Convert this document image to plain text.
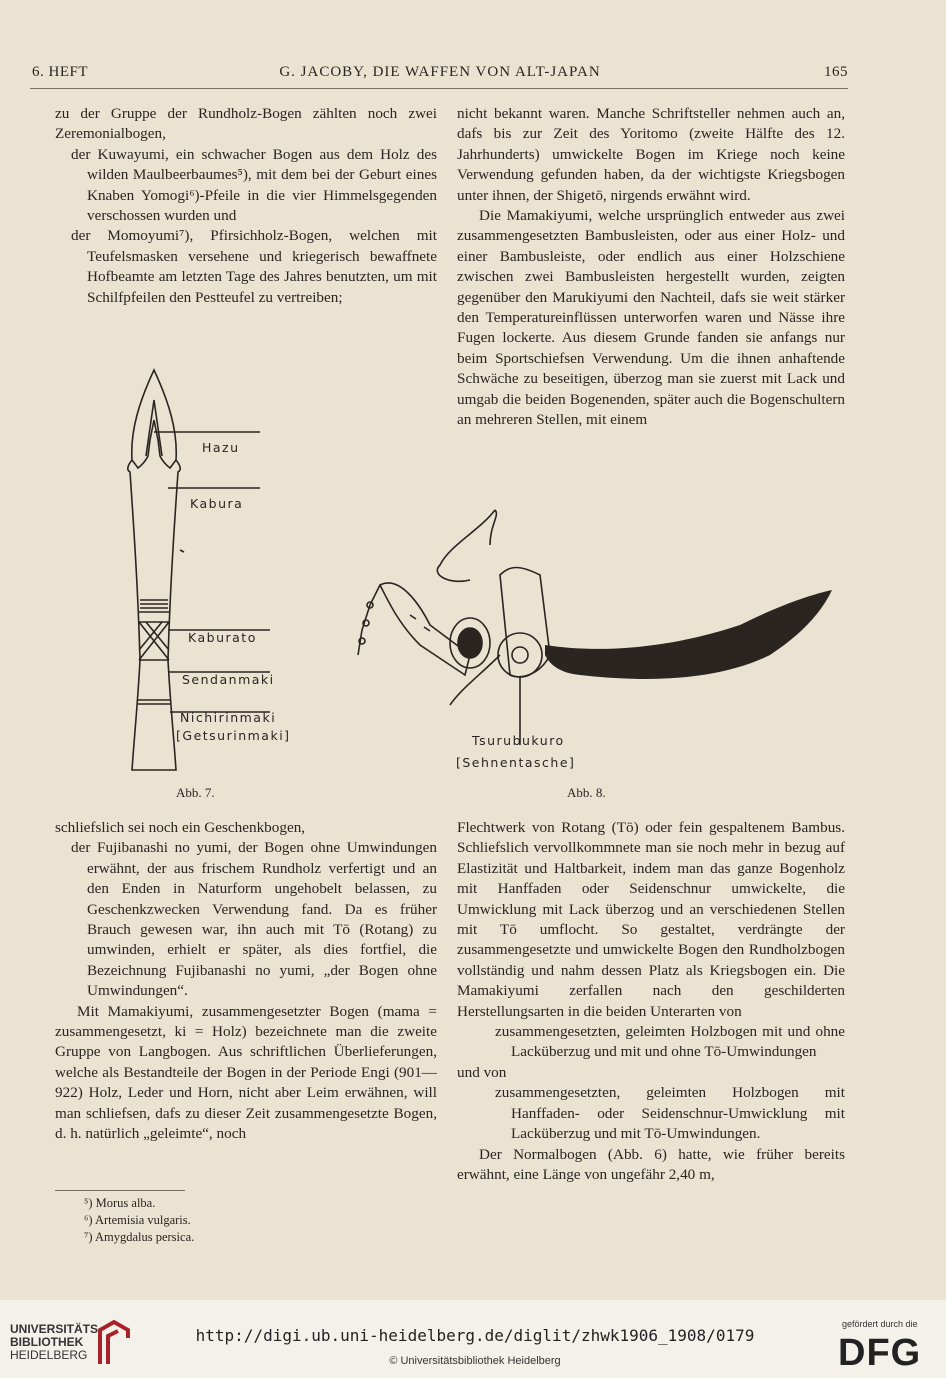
6. HEFT	G. JACOBY, DIE WAFFEN VON ALT-JAPAN	165

zu der Gruppe der Rundholz-Bogen zählten noch zwei Zeremonialbogen,

der Kuwayumi, ein schwacher Bogen aus dem Holz des wilden Maulbeerbaumes⁵), mit dem bei der Geburt eines Knaben Yomogi⁶)-Pfeile in die vier Himmelsgegenden verschossen wurden und

der Momoyumi⁷), Pfirsichholz-Bogen, welchen mit Teufelsmasken versehene und kriegerisch bewaffnete Hofbeamte am letzten Tage des Jahres benutzten, um mit Schilfpfeilen den Pestteufel zu vertreiben;

nicht bekannt waren. Manche Schriftsteller nehmen auch an, dafs bis zur Zeit des Yoritomo (zweite Hälfte des 12. Jahrhunderts) umwickelte Bogen im Kriege noch keine Verwendung gefunden haben, da der wichtigste Kriegsbogen unter ihnen, der Shigetō, nirgends erwähnt wird.

Die Mamakiyumi, welche ursprünglich entweder aus zwei zusammengesetzten Bambusleisten, oder aus einer Holz- und einer Bambusleiste, oder endlich aus einer Holzschiene zwischen zwei Bambusleisten hergestellt wurden, zeigten gegenüber den Marukiyumi den Nachteil, dafs sie weit stärker den Temperatureinflüssen unterworfen waren und Nässe ihre Fugen lockerte. Aus diesem Grunde fanden sie anfangs nur beim Sportschiefsen Verwendung. Um die ihnen anhaftende Schwäche zu beseitigen, überzog man sie zuerst mit Lack und umgab die beiden Bogenenden, später auch die Bogenschultern an mehreren Stellen, mit einem

Hazu
Kabura
Kaburato
Sendanmaki
Nichirinmaki
[Getsurinmaki]
Abb. 7.
Tsurubukuro
[Sehnentasche]
Abb. 8.

schliefslich sei noch ein Geschenkbogen,

der Fujibanashi no yumi, der Bogen ohne Umwindungen erwähnt, der aus frischem Rundholz verfertigt und an den Enden in Naturform ungehobelt belassen, zu Geschenkzwecken Verwendung fand. Da es früher Brauch gewesen war, ihn auch mit Tō (Rotang) zu umwinden, erhielt er später, als dies fortfiel, die Bezeichnung Fujibanashi no yumi, „der Bogen ohne Umwindungen“.

Mit Mamakiyumi, zusammengesetzter Bogen (mama = zusammengesetzt, ki = Holz) bezeichnete man die zweite Gruppe von Langbogen. Aus schriftlichen Überlieferungen, welche als Bestandteile der Bogen in der Periode Engi (901—922) Holz, Leder und Horn, nicht aber Leim erwähnen, will man schliefsen, dafs zu dieser Zeit zusammengesetzte Bogen, d. h. natürlich „geleimte“, noch

⁵) Morus alba.
⁶) Artemisia vulgaris.
⁷) Amygdalus persica.

Flechtwerk von Rotang (Tō) oder fein gespaltenem Bambus. Schliefslich vervollkommnete man sie noch mehr in bezug auf Elastizität und Haltbarkeit, indem man das ganze Bogenholz mit Hanffaden oder Seidenschnur umwickelte, die Umwicklung mit Lack überzog und an verschiedenen Stellen mit Tō umflocht. So gestaltet, verdrängte der zusammengesetzte und umwickelte Bogen den Rundholzbogen vollständig und nahm dessen Platz als Kriegsbogen ein. Die Mamakiyumi zerfallen nach den geschilderten Herstellungsarten in die beiden Unterarten von

zusammengesetzten, geleimten Holzbogen mit und ohne Lacküberzug und mit und ohne Tō-Umwindungen

und von

zusammengesetzten, geleimten Holzbogen mit Hanffaden- oder Seidenschnur-Umwicklung mit Lacküberzug und mit Tō-Umwindungen.

Der Normalbogen (Abb. 6) hatte, wie früher bereits erwähnt, eine Länge von ungefähr 2,40 m,

UNIVERSITÄTS-
BIBLIOTHEK
HEIDELBERG
http://digi.ub.uni-heidelberg.de/diglit/zhwk1906_1908/0179
© Universitätsbibliothek Heidelberg
gefördert durch die
DFG
